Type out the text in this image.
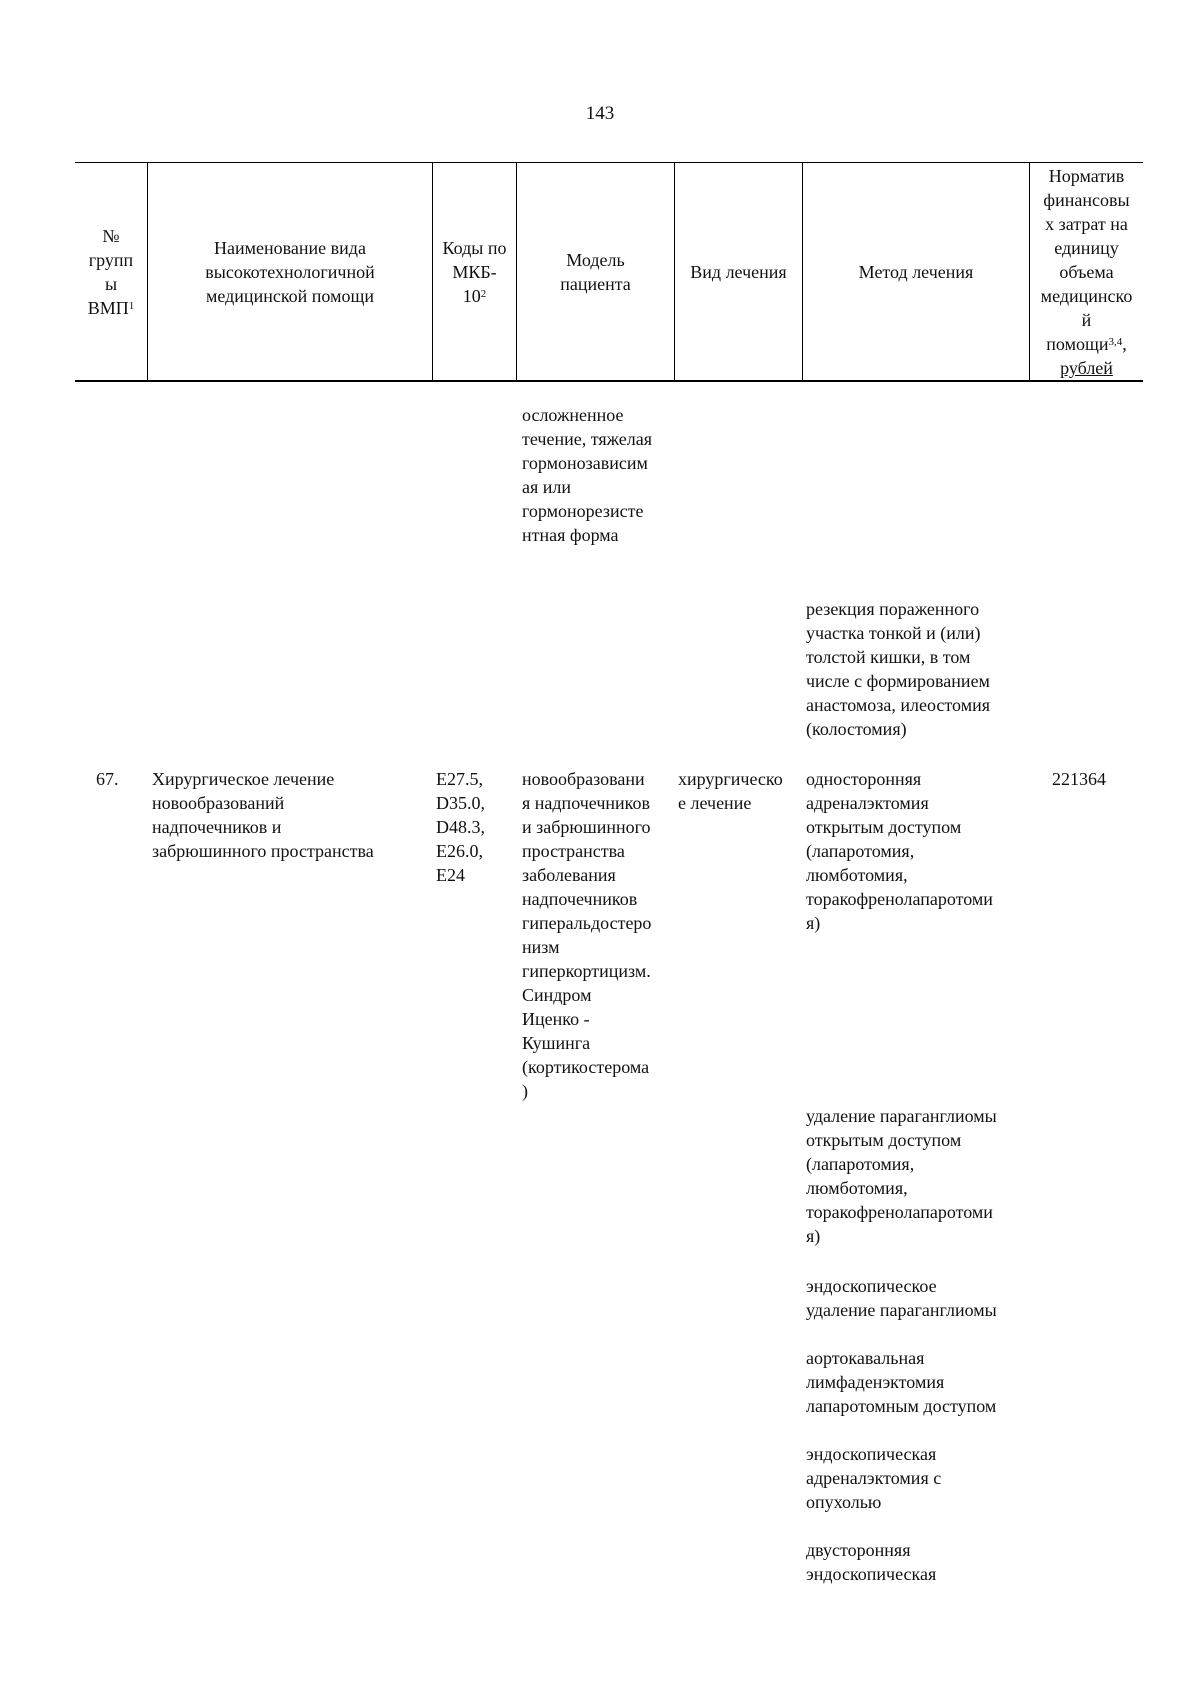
143
№
групп
ы
ВМП$^1$
Наименование вида
высокотехнологичной
медицинской помощи
Коды по
МКБ-
$10^2$
Модель
пациента
Вид лечения	Метод лечения
Норматив
финансовы
х затрат на
единицу
объема
медицинско
й
помощи$^{3,4}$,
рублей
осложненное
течение, тяжелая
гормонозависим
ая или
гормонорезисте
нтная форма
резекция пораженного
участка тонкой и (или)
толстой кишки, в том
числе с формированием
анастомоза, илеостомия
(колостомия)
67. Хирургическое лечение
новообразований
надпочечников и
забрюшинного пространства
E27.5,
D35.0,
D48.3,
E26.0,
E24
новообразовани
я надпочечников
и забрюшинного
пространства
заболевания
надпочечников
гиперальдостеро
низм
гиперкортицизм.
Синдром
Иценко -
Кушинга
(кортикостерома
)
хирургическо
е лечение
односторонняя
адреналэктомия
открытым доступом
(лапаротомия,
люмботомия,
торакофренолапаротоми
я)
221364
удаление параганглиомы
открытым доступом
(лапаротомия,
люмботомия,
торакофренолапаротоми
я)
эндоскопическое
удаление параганглиомы
аортокавальная
лимфаденэктомия
лапаротомным доступом
эндоскопическая
адреналэктомия с
опухолью
двусторонняя
эндоскопическая
